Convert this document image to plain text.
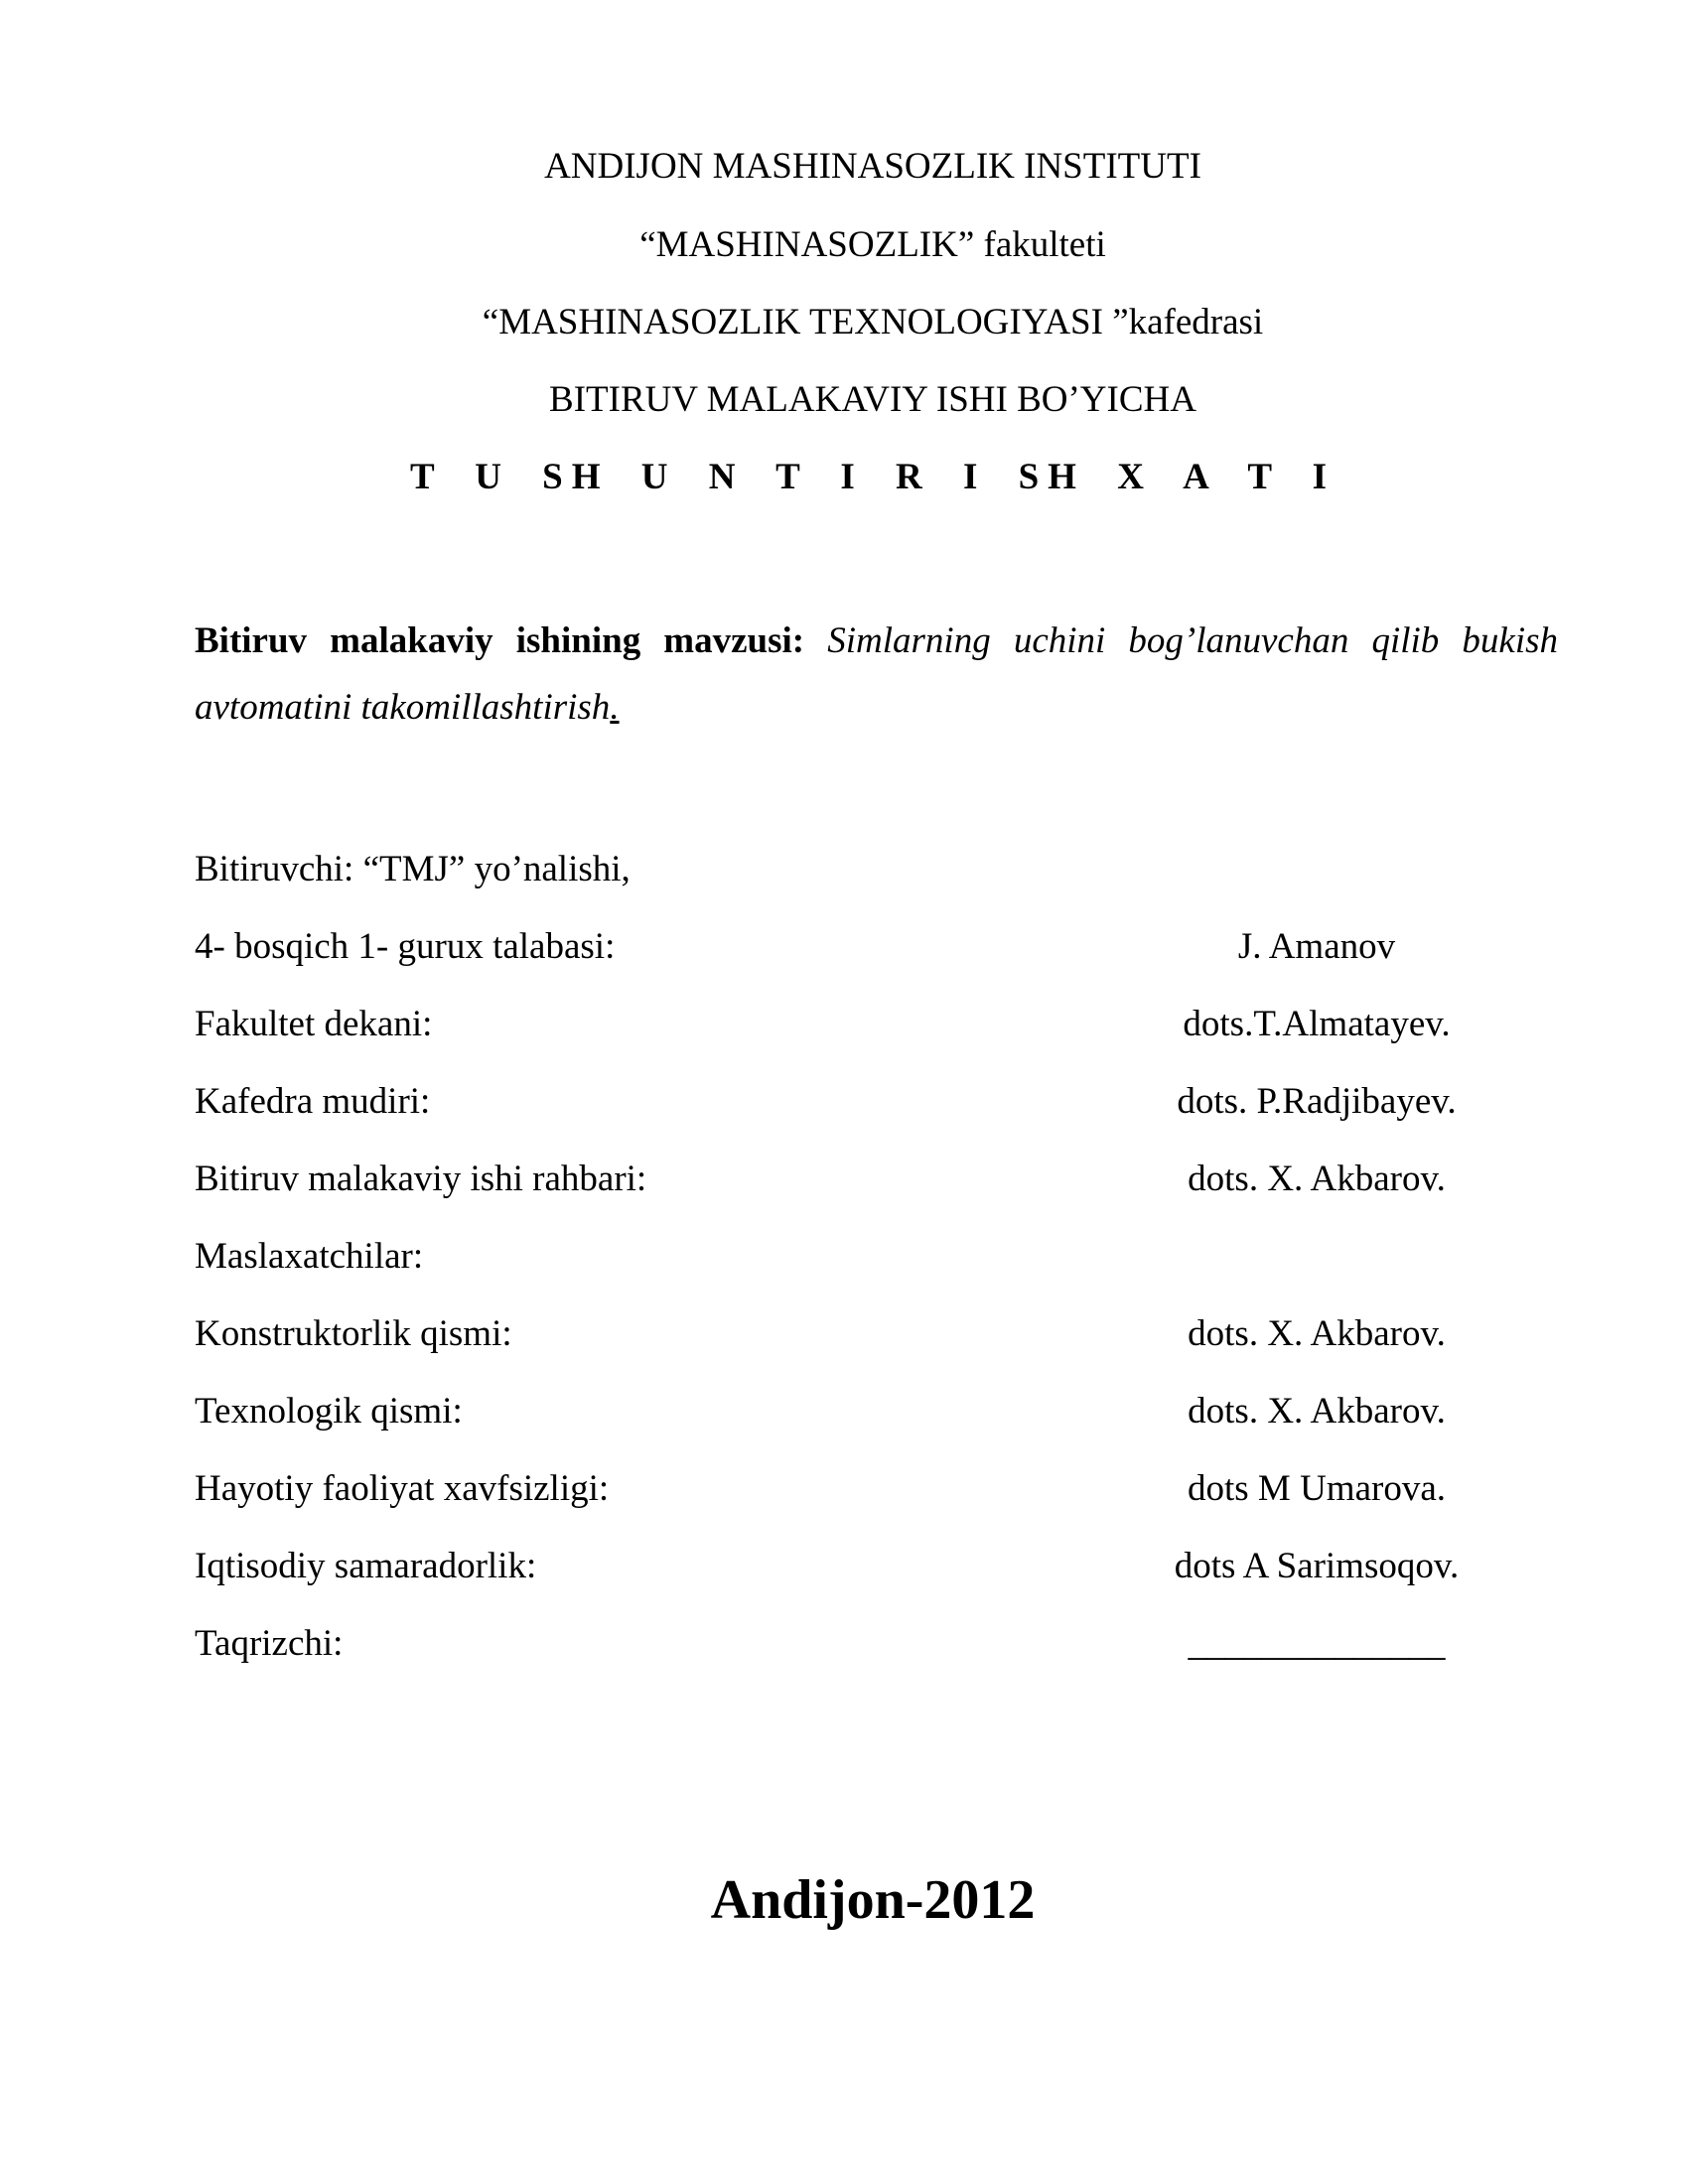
ANDIJON MASHINASOZLIK INSTITUTI
“MASHINASOZLIK” fakulteti
“MASHINASOZLIK TEXNOLOGIYASI ”kafedrasi
BITIRUV MALAKAVIY ISHI BO’YICHA
T U SH U N T I R I SH X A T I
Bitiruv malakaviy ishining mavzusi: Simlarning uchini bog’lanuvchan qilib bukish avtomatini takomillashtirish.
Bitiruvchi: “TMJ” yo’nalishi,
4- bosqich 1- gurux talabasi:	J. Amanov
Fakultet dekani:	dots.T.Almatayev.
Kafedra mudiri:	dots. P.Radjibayev.
Bitiruv malakaviy ishi rahbari:	dots. X. Akbarov.
Maslaxatchilar:
Konstruktorlik qismi:	dots. X. Akbarov.
Texnologik qismi:	dots. X. Akbarov.
Hayotiy faoliyat xavfsizligi:	dots M Umarova.
Iqtisodiy samaradorlik:	dots A Sarimsoqov.
Taqrizchi:	______________
Andijon-2012
